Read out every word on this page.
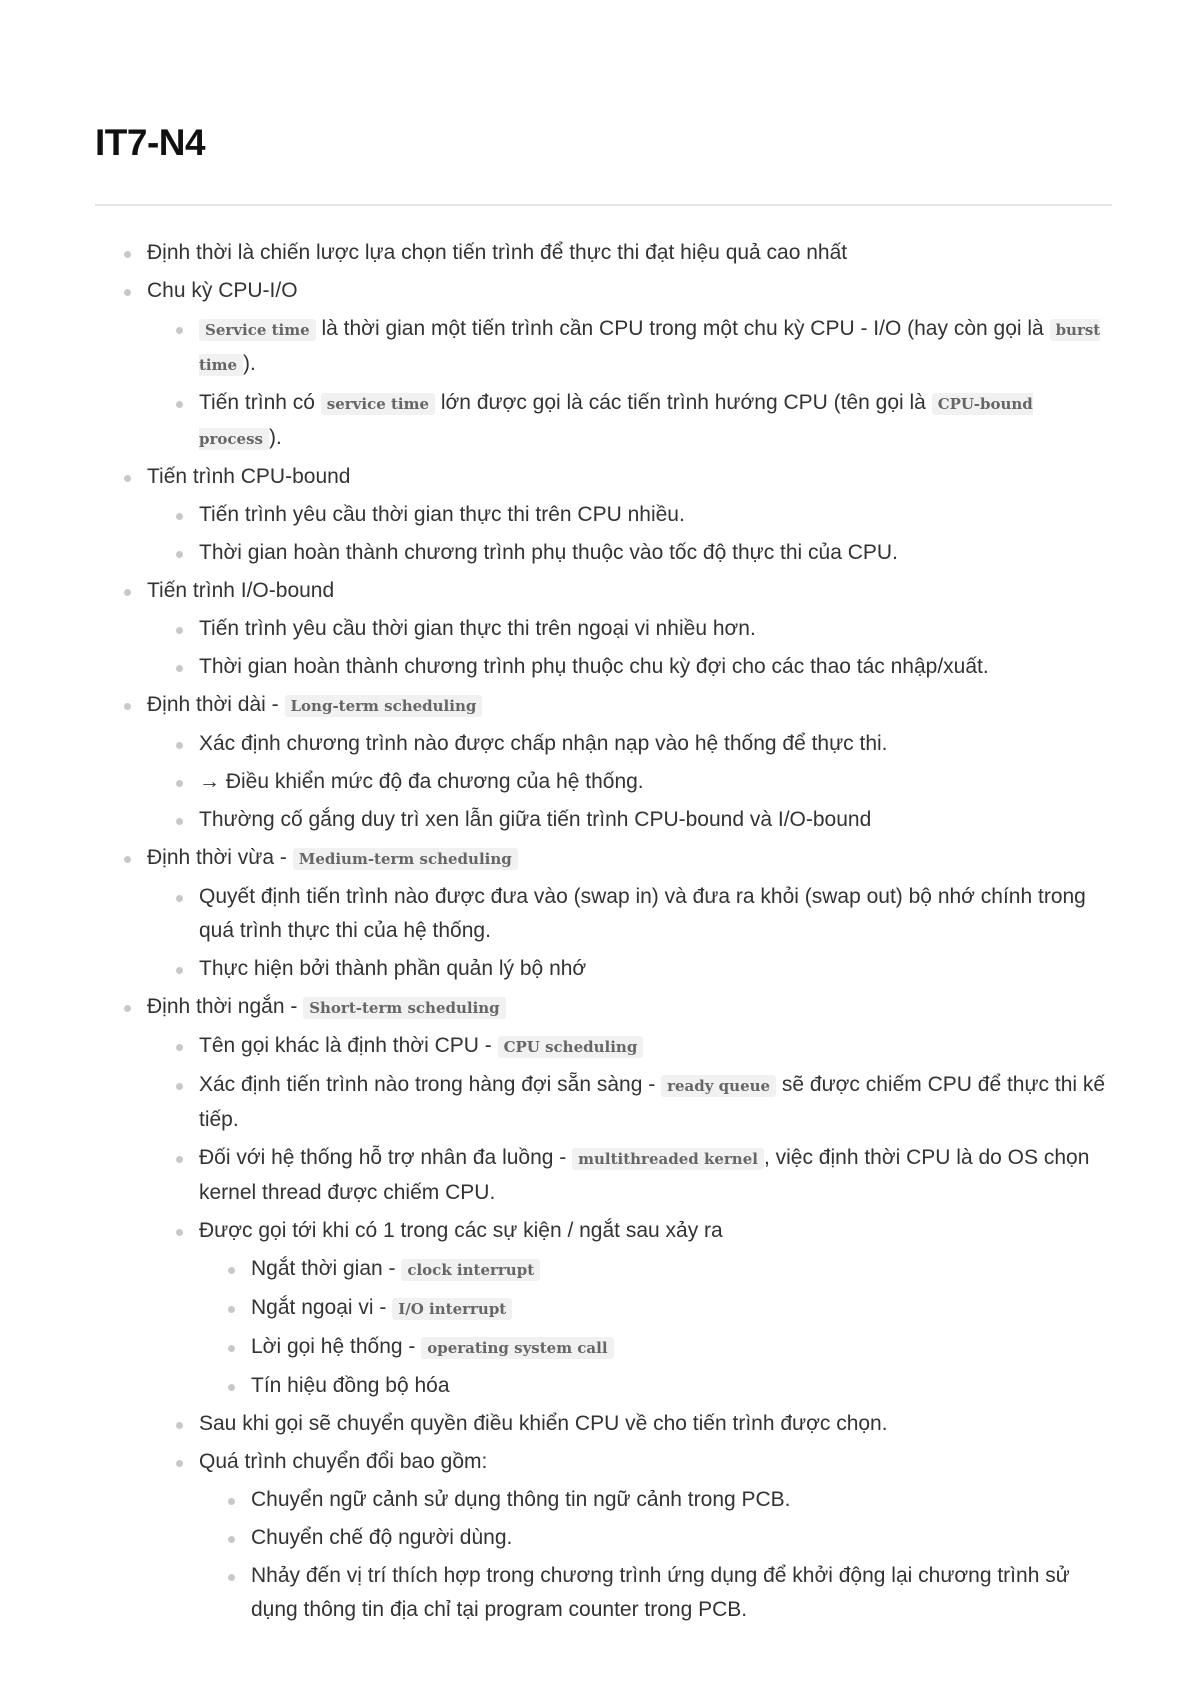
IT7-N4
Định thời là chiến lược lựa chọn tiến trình để thực thi đạt hiệu quả cao nhất
Chu kỳ CPU-I/O
Service time là thời gian một tiến trình cần CPU trong một chu kỳ CPU - I/O (hay còn gọi là burst time ).
Tiến trình có service time lớn được gọi là các tiến trình hướng CPU (tên gọi là CPU-bound process ).
Tiến trình CPU-bound
Tiến trình yêu cầu thời gian thực thi trên CPU nhiều.
Thời gian hoàn thành chương trình phụ thuộc vào tốc độ thực thi của CPU.
Tiến trình I/O-bound
Tiến trình yêu cầu thời gian thực thi trên ngoại vi nhiều hơn.
Thời gian hoàn thành chương trình phụ thuộc chu kỳ đợi cho các thao tác nhập/xuất.
Định thời dài - Long-term scheduling
Xác định chương trình nào được chấp nhận nạp vào hệ thống để thực thi.
→ Điều khiển mức độ đa chương của hệ thống.
Thường cố gắng duy trì xen lẫn giữa tiến trình CPU-bound và I/O-bound
Định thời vừa - Medium-term scheduling
Quyết định tiến trình nào được đưa vào (swap in) và đưa ra khỏi (swap out) bộ nhớ chính trong quá trình thực thi của hệ thống.
Thực hiện bởi thành phần quản lý bộ nhớ
Định thời ngắn - Short-term scheduling
Tên gọi khác là định thời CPU - CPU scheduling
Xác định tiến trình nào trong hàng đợi sẵn sàng - ready queue sẽ được chiếm CPU để thực thi kế tiếp.
Đối với hệ thống hỗ trợ nhân đa luồng - multithreaded kernel , việc định thời CPU là do OS chọn kernel thread được chiếm CPU.
Được gọi tới khi có 1 trong các sự kiện / ngắt sau xảy ra
Ngắt thời gian - clock interrupt
Ngắt ngoại vi - I/O interrupt
Lời gọi hệ thống - operating system call
Tín hiệu đồng bộ hóa
Sau khi gọi sẽ chuyển quyền điều khiển CPU về cho tiến trình được chọn.
Quá trình chuyển đổi bao gồm:
Chuyển ngữ cảnh sử dụng thông tin ngữ cảnh trong PCB.
Chuyển chế độ người dùng.
Nhảy đến vị trí thích hợp trong chương trình ứng dụng để khởi động lại chương trình sử dụng thông tin địa chỉ tại program counter trong PCB.
